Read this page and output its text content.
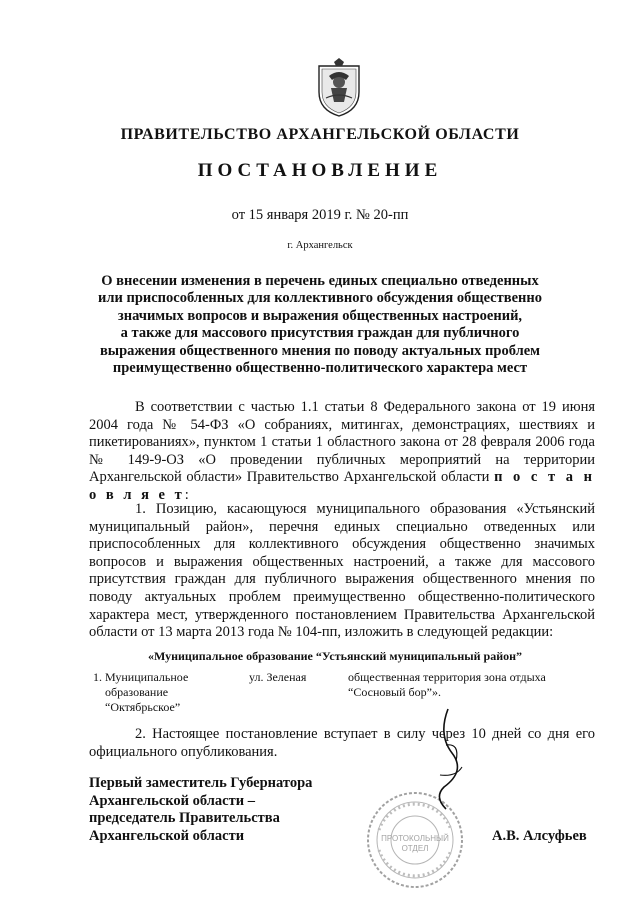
ПРАВИТЕЛЬСТВО АРХАНГЕЛЬСКОЙ ОБЛАСТИ
ПОСТАНОВЛЕНИЕ
от 15 января 2019 г. № 20-пп
г. Архангельск
О внесении изменения в перечень единых специально отведенных
или приспособленных для коллективного обсуждения общественно
значимых вопросов и выражения общественных настроений,
а также для массового присутствия граждан для публичного
выражения общественного мнения по поводу актуальных проблем
преимущественно общественно-политического характера мест
В соответствии с частью 1.1 статьи 8 Федерального закона от 19 июня 2004 года № 54-ФЗ «О собраниях, митингах, демонстрациях, шествиях и пикетированиях», пунктом 1 статьи 1 областного закона от 28 февраля 2006 года № 149-9-ОЗ «О проведении публичных мероприятий на территории Архангельской области» Правительство Архангельской области п о с т а н о в л я е т:
1. Позицию, касающуюся муниципального образования «Устьянский муниципальный район», перечня единых специально отведенных или приспособленных для коллективного обсуждения общественно значимых вопросов и выражения общественных настроений, а также для массового присутствия граждан для публичного выражения общественного мнения по поводу актуальных проблем преимущественно общественно-политического характера мест, утвержденного постановлением Правительства Архангельской области от 13 марта 2013 года № 104-пп, изложить в следующей редакции:
«Муниципальное образование “Устьянский муниципальный район”
1. Муниципальное
образование
“Октябрьское”
ул. Зеленая	общественная территория зона отдыха
“Сосновый бор”».
2. Настоящее постановление вступает в силу через 10 дней со дня его официального опубликования.
Первый заместитель Губернатора
Архангельской области –
председатель Правительства
Архангельской области	А.В. Алсуфьев
ПРОТОКОЛЬНЫЙ
ОТДЕЛ
